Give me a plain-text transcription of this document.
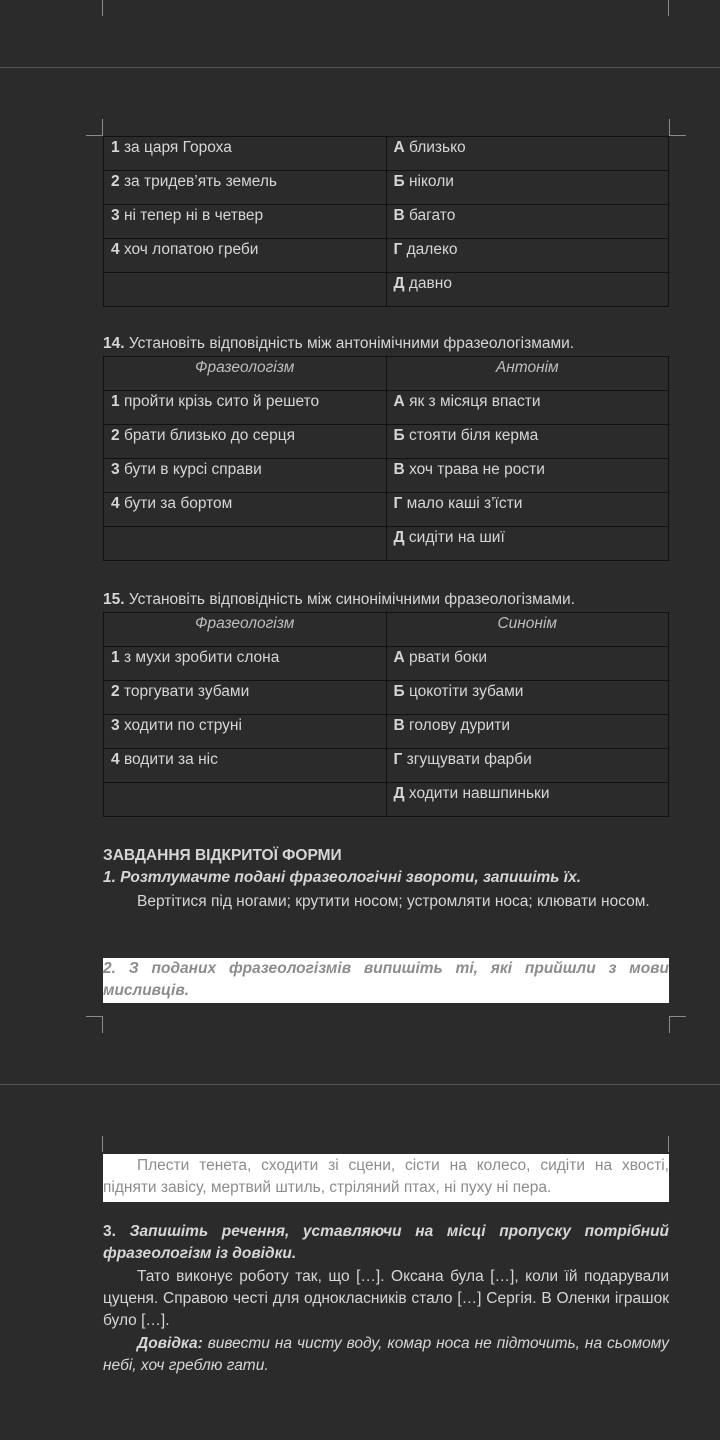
1 за царя Гороха	А близько
2 за тридев’ять земель	Б ніколи
3 ні тепер ні в четвер	В багато
4 хоч лопатою греби	Г далеко
	Д давно
14. Установіть відповідність між антонімічними фразеологізмами.
Фразеологізм	Антонім
1 пройти крізь сито й решето	А як з місяця впасти
2 брати близько до серця	Б стояти біля керма
3 бути в курсі справи	В хоч трава не рости
4 бути за бортом	Г мало каші з’їсти
	Д сидіти на шиї
15. Установіть відповідність між синонімічними фразеологізмами.
Фразеологізм	Синонім
1 з мухи зробити слона	А рвати боки
2 торгувати зубами	Б цокотіти зубами
3 ходити по струні	В голову дурити
4 водити за ніс	Г згущувати фарби
	Д ходити навшпиньки
ЗАВДАННЯ ВІДКРИТОЇ ФОРМИ
1. Розтлумачте подані фразеологічні звороти, запишіть їх.
Вертітися під ногами; крутити носом; устромляти носа; клювати носом.
2. З поданих фразеологізмів випишіть ті, які прийшли з мови мисливців.
Плести тенета, сходити зі сцени, сісти на колесо, сидіти на хвості, підняти завісу, мертвий штиль, стріляний птах, ні пуху ні пера.
3. Запишіть речення, уставляючи на місці пропуску потрібний фразеологізм із довідки.
Тато виконує роботу так, що […]. Оксана була […], коли їй подарували цуценя. Справою честі для однокласників стало […] Сергія. В Оленки іграшок було […].
Довідка: вивести на чисту воду, комар носа не підточить, на сьомому небі, хоч греблю гати.
